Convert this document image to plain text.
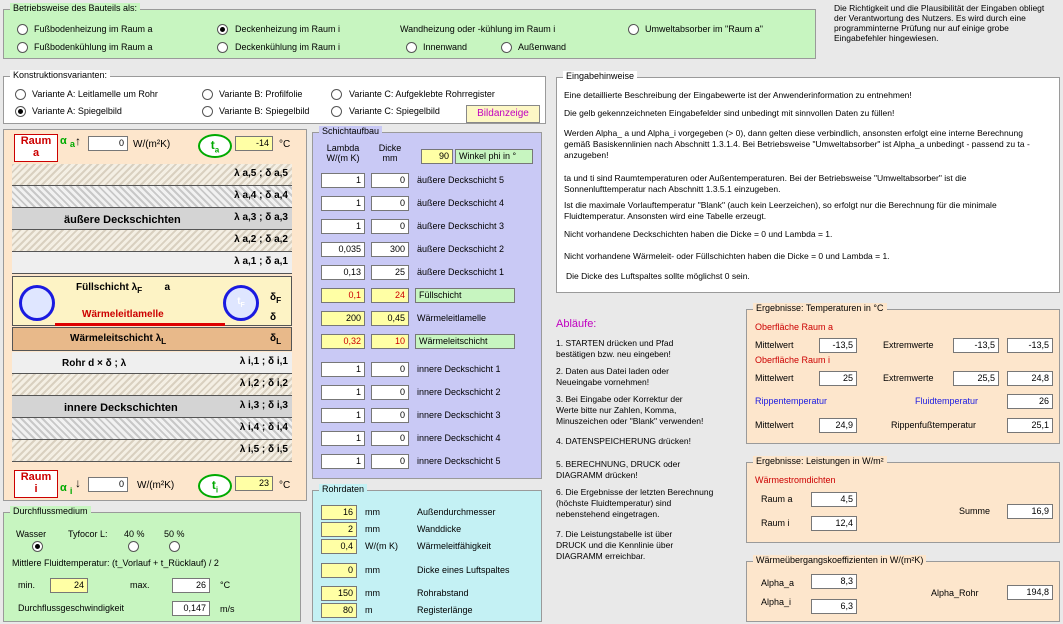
Betriebsweise des Bauteils als:
Fußbodenheizung im Raum a	Deckenheizung im Raum i	Wandheizung oder -kühlung im Raum i	Umweltabsorber im "Raum a"
Fußbodenkühlung im Raum a	Deckenkühlung im Raum i	Innenwand	Außenwand
Die Richtigkeit und die Plausibilität der Eingaben obliegt der Verantwortung des Nutzers. Es wird durch eine programminterne Prüfung nur auf einige grobe Eingabefehler hingewiesen.
Konstruktionsvarianten:
Variante A: Leitlamelle um Rohr	Variante B: Profilfolie	Variante C: Aufgeklebte Rohrregister
Variante A: Spiegelbild	Variante B: Spiegelbild	Variante C: Spiegelbild	Bildanzeige
Raum
a
α $_a$ ↑	0 W/(m²K)	$t_a$
-14	°C
λ a,5 ; δ a,5
λ a,4 ; δ a,4
λ a,3 ; δ a,3
λ a,2 ; δ a,2
λ a,1 ; δ a,1
äußere Deckschichten
$t_F$
Füllschicht $\lambda_F$        a
Wärmeleitlamelle
$\delta_F$
δ
Wärmeleitschicht $\lambda_L$	$\delta_L$
λ i,1 ; δ i,1
λ i,2 ; δ i,2
λ i,3 ; δ i,3
λ i,4 ; δ i,4
λ i,5 ; δ i,5
Rohr d × δ ; λ
innere Deckschichten
Raum
i	α $_i$
↓	0	W/(m²K)	$t_i$
23	°C
Schichtaufbau
Lambda W/(m K)
Dicke mm	90	Winkel phi in °
1	0	äußere Deckschicht 5
1	0	äußere Deckschicht 4
1	0	äußere Deckschicht 3
0,035	300	äußere Deckschicht 2
0,13	25	äußere Deckschicht 1
0,1	24	Füllschicht
200	0,45	Wärmeleitlamelle
0,32	10	Wärmeleitschicht
1	0	innere Deckschicht 1
1	0	innere Deckschicht 2
1	0	innere Deckschicht 3
1	0	innere Deckschicht 4
1	0	innere Deckschicht 5
Eingabehinweise
Eine detaillierte Beschreibung der Eingabewerte ist der Anwenderinformation zu entnehmen!
Die gelb gekennzeichneten Eingabefelder sind unbedingt mit sinnvollen Daten zu füllen!
Werden Alpha_ a und Alpha_i vorgegeben (> 0), dann gelten diese verbindlich, ansonsten erfolgt eine interne Berechnung gemäß Basiskennlinien nach Abschnitt 1.3.1.4. Bei Betriebsweise "Umweltabsorber" ist Alpha_a unbedingt - passend zu ta - anzugeben!
ta und ti sind Raumtemperaturen oder Außentemperaturen. Bei der Betriebsweise "Umweltabsorber" ist die Sonnenlufttemperatur nach Abschnitt 1.3.5.1 einzugeben.
Ist die maximale Vorlauftemperatur "Blank" (auch kein Leerzeichen), so erfolgt nur die Berechnung für die minimale Fluidtemperatur. Ansonsten wird eine Tabelle erzeugt.
Nicht vorhandene Deckschichten haben die Dicke = 0 und Lambda = 1.
Nicht vorhandene Wärmeleit- oder Füllschichten haben die Dicke = 0 und Lambda = 1.
Die Dicke des Luftspaltes sollte möglichst 0 sein.
Abläufe:
1. STARTEN drücken und Pfad bestätigen bzw. neu eingeben!
2. Daten aus Datei laden oder Neueingabe vornehmen!
3. Bei Eingabe oder Korrektur der Werte bitte nur Zahlen, Komma, Minuszeichen oder "Blank" verwenden!
4. DATENSPEICHERUNG drücken!
5. BERECHNUNG, DRUCK oder DIAGRAMM drücken!
6. Die Ergebnisse der letzten Berechnung (höchste Fluidtemperatur) sind nebenstehend eingetragen.
7. Die Leistungstabelle ist über DRUCK und die Kennlinie über DIAGRAMM erreichbar.
Rohrdaten
16	mm	Außendurchmesser
2	mm	Wanddicke
0,4	W/(m K) Wärmeleitfähigkeit
0	mm	Dicke eines Luftspaltes
150	mm	Rohrabstand
80	m	Registerlänge
Durchflussmedium
Wasser Tyfocor L: 40 % 50 %
Mittlere Fluidtemperatur: (t_Vorlauf + t_Rücklauf) / 2
min.	24	max.	26	°C
Durchflussgeschwindigkeit	0,147	m/s
Ergebnisse: Temperaturen in °C
Oberfläche Raum a
Mittelwert	-13,5	Extremwerte	-13,5	-13,5
Oberfläche Raum i
Mittelwert	25	Extremwerte	25,5	24,8
Rippentemperatur	Fluidtemperatur	26
Mittelwert	24,9	Rippenfußtemperatur	25,1
Ergebnisse: Leistungen in W/m²
Wärmestromdichten
Raum a	4,5
Raum i	12,4
Summe	16,9
Wärmeübergangskoeffizienten in W/(m²K)
Alpha_a	8,3
Alpha_i	6,3
Alpha_Rohr	194,8
